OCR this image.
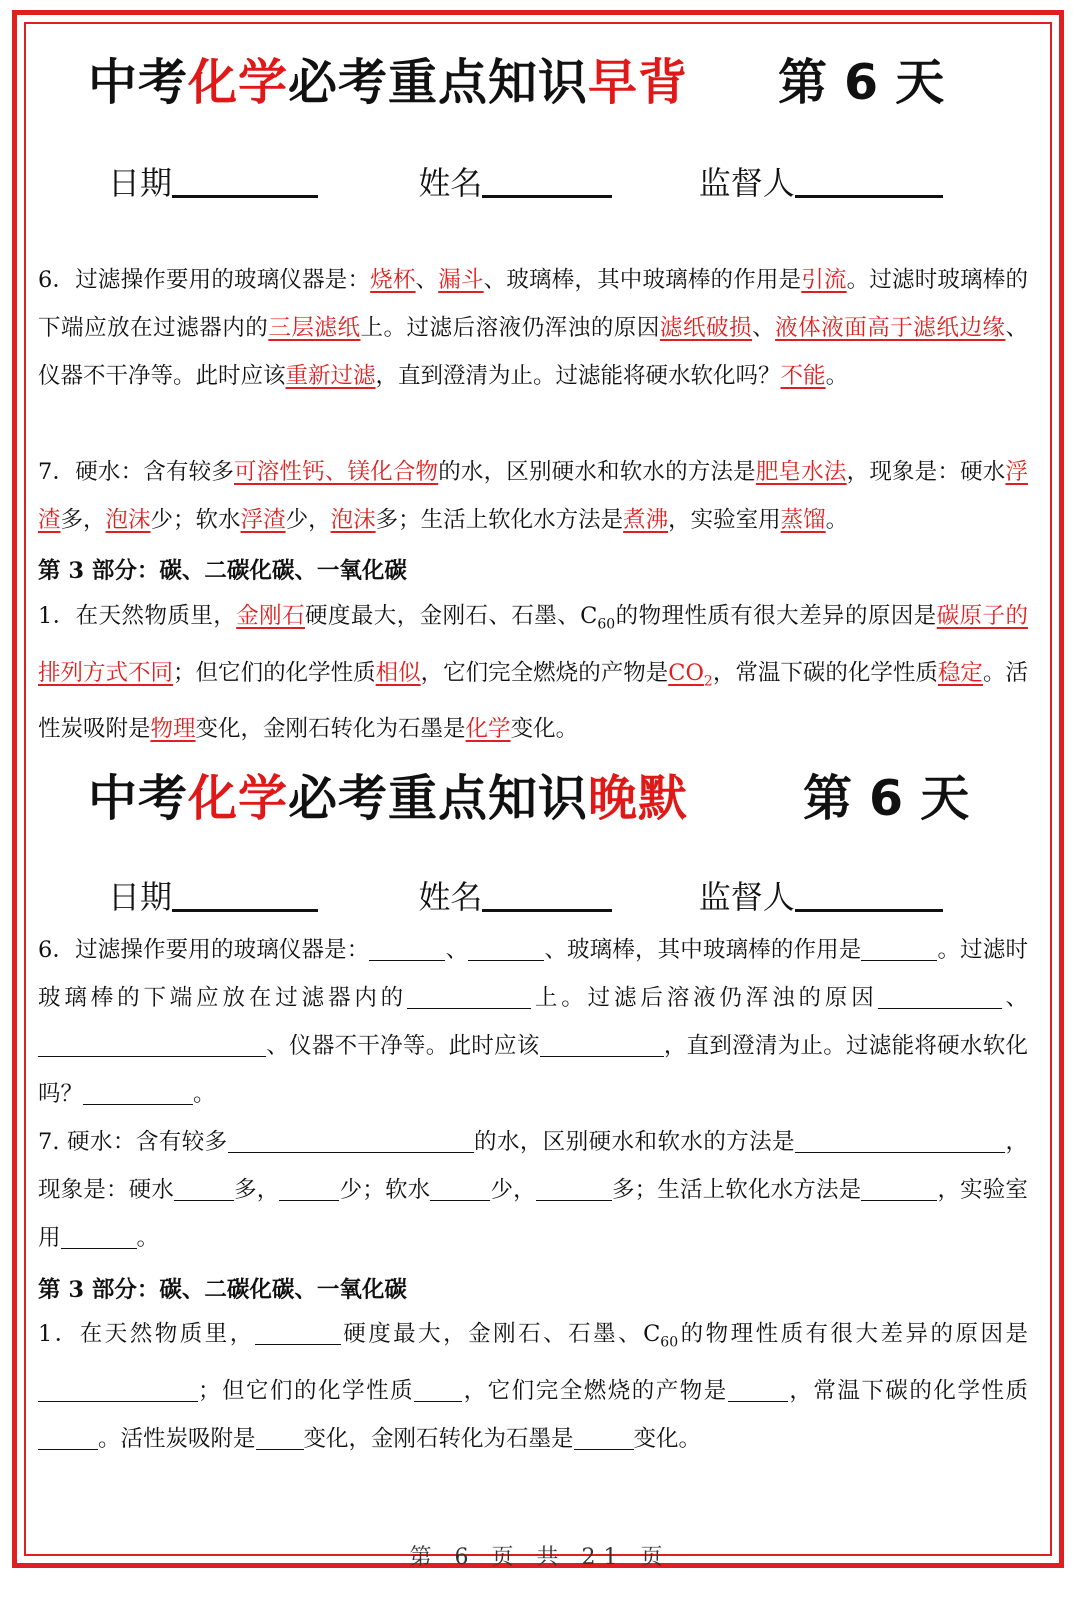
中考化学必考重点知识早背 第 6 天
日期	姓名	监督人
6．过滤操作要用的玻璃仪器是：烧杯、漏斗、玻璃棒，其中玻璃棒的作用是引流。过滤时玻璃棒的下端应放在过滤器内的三层滤纸上。过滤后溶液仍浑浊的原因滤纸破损、液体液面高于滤纸边缘、仪器不干净等。此时应该重新过滤，直到澄清为止。过滤能将硬水软化吗？不能。
7．硬水：含有较多可溶性钙、镁化合物的水，区别硬水和软水的方法是肥皂水法，现象是：硬水浮渣多，泡沫少；软水浮渣少，泡沫多；生活上软化水方法是煮沸，实验室用蒸馏。
第 3 部分：碳、二碳化碳、一氧化碳
1．在天然物质里，金刚石硬度最大，金刚石、石墨、$C_{60}$的物理性质有很大差异的原因是碳原子的排列方式不同；但它们的化学性质相似，它们完全燃烧的产物是$CO_2$，常温下碳的化学性质稳定。活性炭吸附是物理变化，金刚石转化为石墨是化学变化。
中考化学必考重点知识晚默 第 6 天
日期	姓名	监督人
6．过滤操作要用的玻璃仪器是：	、	、玻璃棒，其中玻璃棒的作用是	。过滤时玻璃棒的下端应放在过滤器内的	上。过滤后溶液仍浑浊的原因	、、仪器不干净等。此时应该	，直到澄清为止。过滤能将硬水软化吗？	。
7. 硬水：含有较多	的水，区别硬水和软水的方法是	，现象是：硬水	多，	少；软水	少，	多；生活上软化水方法是	，实验室用	。
第 3 部分：碳、二碳化碳、一氧化碳
1．在天然物质里，	硬度最大，金刚石、石墨、$C_{60}$的物理性质有很大差异的原因是；但它们的化学性质 ，它们完全燃烧的产物是	，常温下碳的化学性质。活性炭吸附是 变化，金刚石转化为石墨是	变化。
第 6 页 共 21 页
